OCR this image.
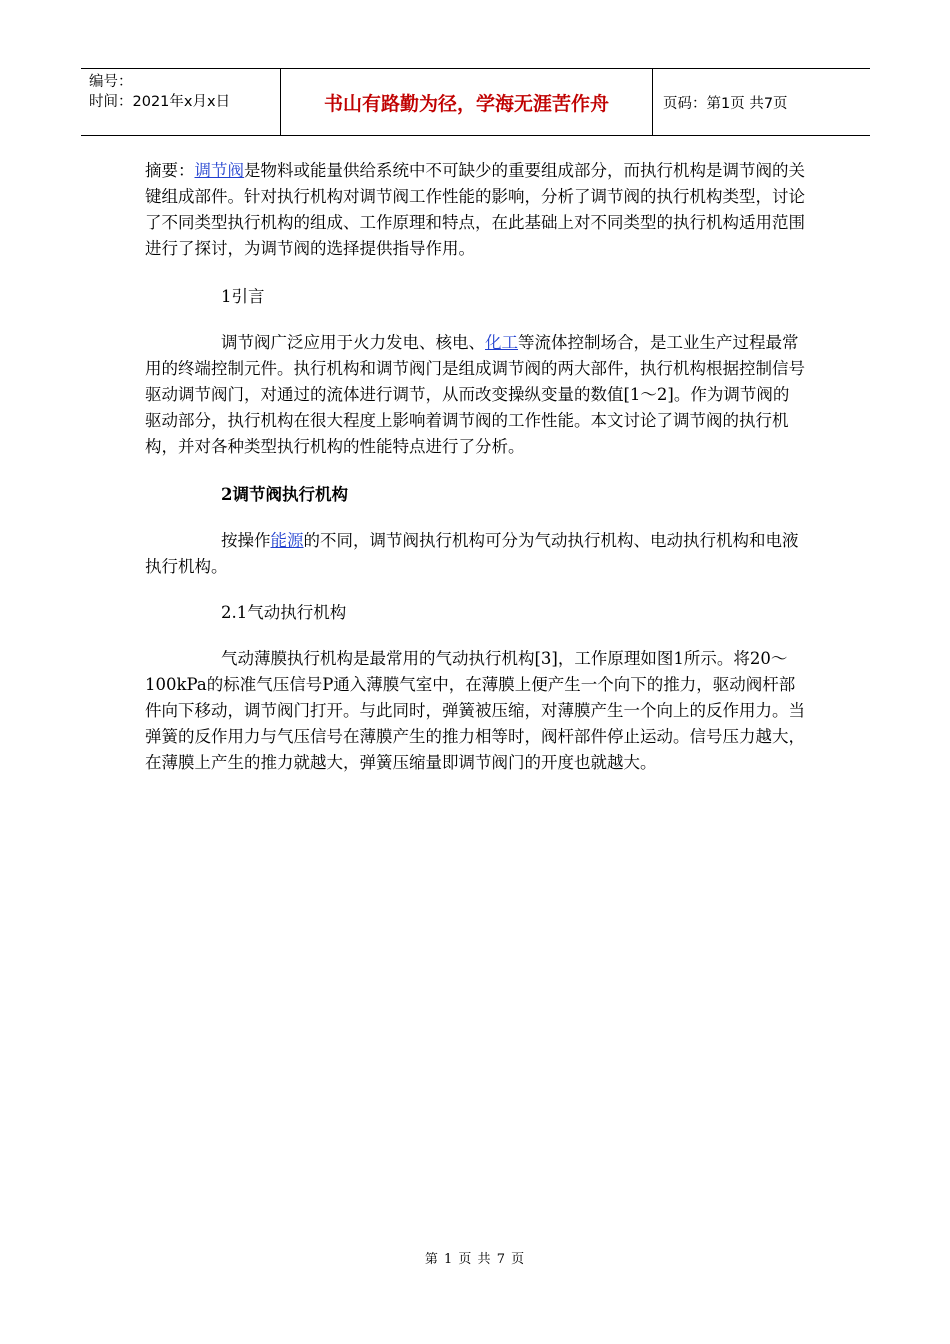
编号：
时间：2021年x月x日	书山有路勤为径，学海无涯苦作舟	页码：第1页 共7页

摘要：调节阀是物料或能量供给系统中不可缺少的重要组成部分，而执行机构是调节阀的关键组成部件。针对执行机构对调节阀工作性能的影响，分析了调节阀的执行机构类型，讨论了不同类型执行机构的组成、工作原理和特点，在此基础上对不同类型的执行机构适用范围进行了探讨，为调节阀的选择提供指导作用。

1引言

调节阀广泛应用于火力发电、核电、化工等流体控制场合，是工业生产过程最常用的终端控制元件。执行机构和调节阀门是组成调节阀的两大部件，执行机构根据控制信号驱动调节阀门，对通过的流体进行调节，从而改变操纵变量的数值[1～2]。作为调节阀的驱动部分，执行机构在很大程度上影响着调节阀的工作性能。本文讨论了调节阀的执行机构，并对各种类型执行机构的性能特点进行了分析。

2调节阀执行机构

按操作能源的不同，调节阀执行机构可分为气动执行机构、电动执行机构和电液执行机构。

2.1气动执行机构

气动薄膜执行机构是最常用的气动执行机构[3]，工作原理如图1所示。将20～100kPa的标准气压信号P通入薄膜气室中，在薄膜上便产生一个向下的推力，驱动阀杆部件向下移动，调节阀门打开。与此同时，弹簧被压缩，对薄膜产生一个向上的反作用力。当弹簧的反作用力与气压信号在薄膜产生的推力相等时，阀杆部件停止运动。信号压力越大，在薄膜上产生的推力就越大，弹簧压缩量即调节阀门的开度也就越大。

第 1 页 共 7 页
